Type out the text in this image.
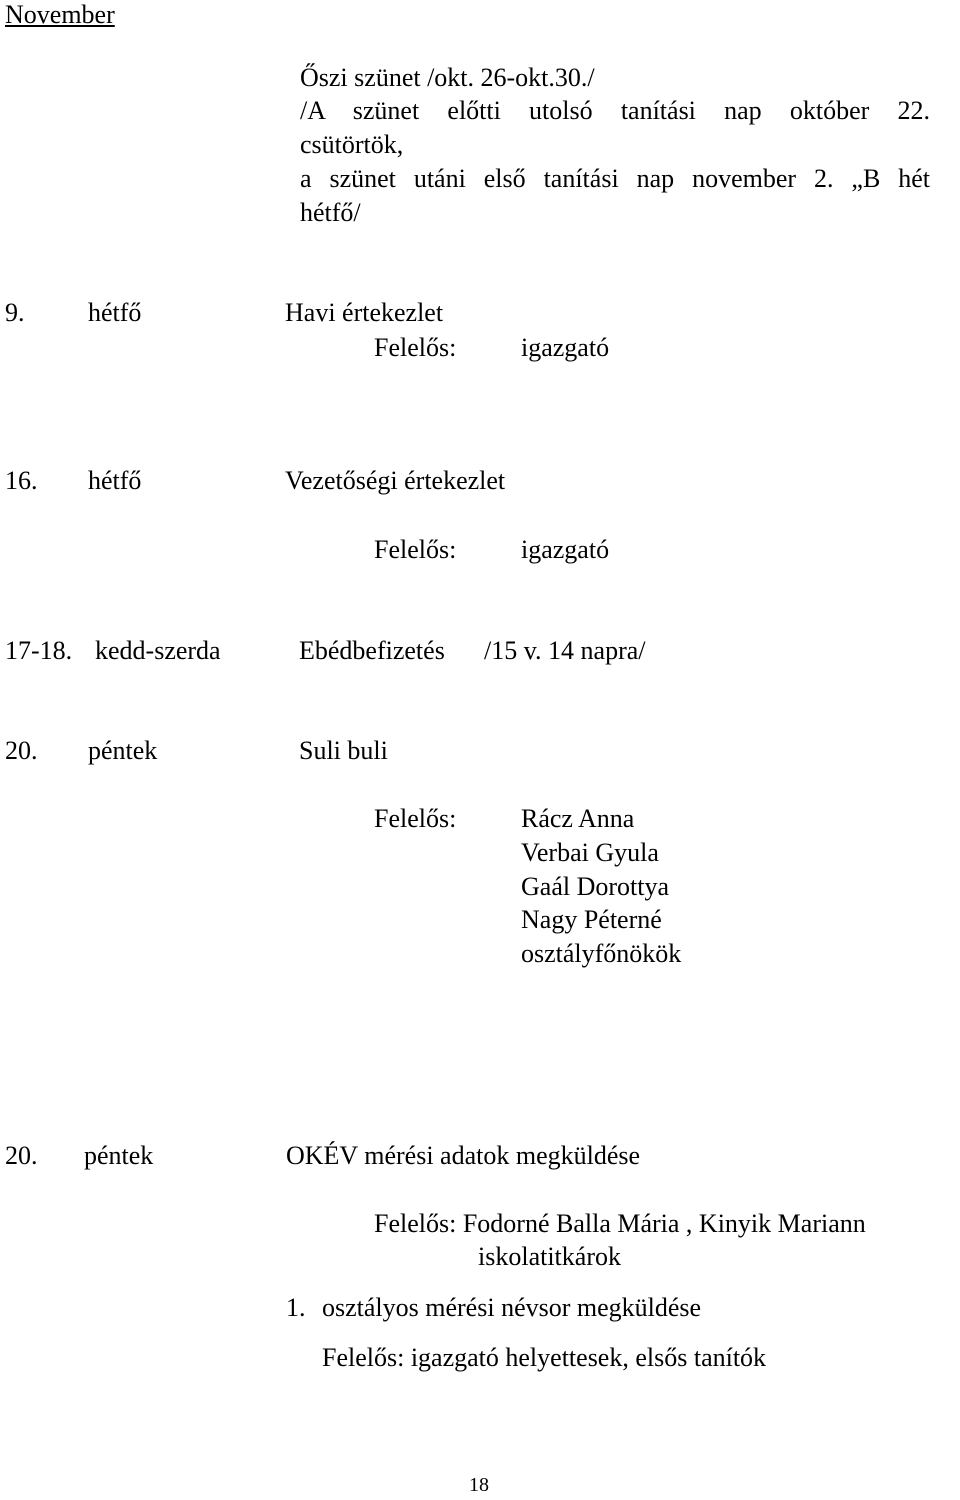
November
Őszi szünet /okt. 26-okt.30./
/A szünet előtti utolsó tanítási nap október 22.
csütörtök,
a szünet utáni első tanítási nap november 2. „B hét
hétfő/
9. hétfő	Havi értekezlet
Felelős: igazgató
16. hétfő	Vezetőségi értekezlet
Felelős: igazgató
17-18. kedd-szerda	Ebédbefizetés /15 v. 14 napra/
20. péntek	Suli buli
Felelős: Rácz Anna
Verbai Gyula
Gaál Dorottya
Nagy Péterné
osztályfőnökök
20. péntek	OKÉV mérési adatok megküldése
Felelős: Fodorné Balla Mária , Kinyik Mariann
iskolatitkárok
1. osztályos mérési névsor megküldése
Felelős: igazgató helyettesek, elsős tanítók
18
